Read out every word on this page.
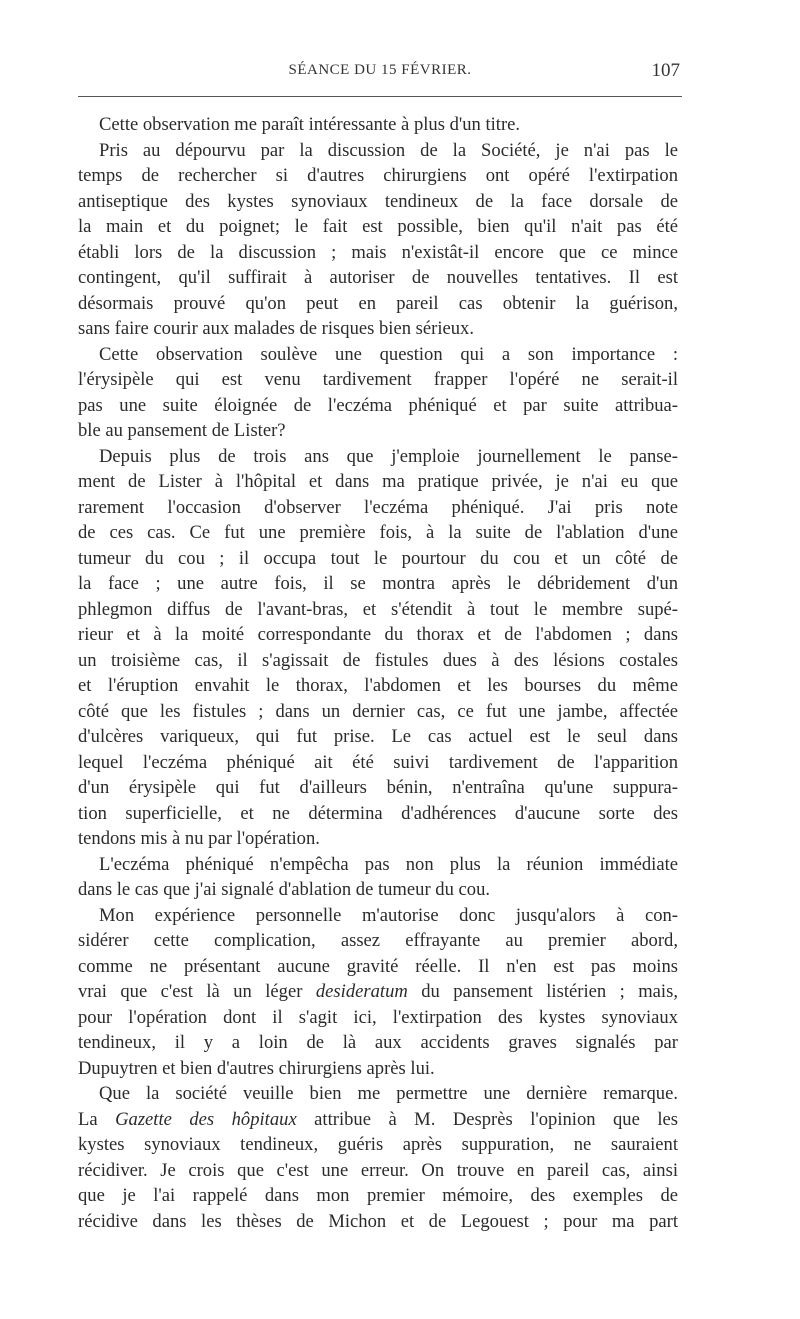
SÉANCE DU 15 FÉVRIER.	107
Cette observation me paraît intéressante à plus d'un titre.
Pris au dépourvu par la discussion de la Société, je n'ai pas le
temps de rechercher si d'autres chirurgiens ont opéré l'extirpation
antiseptique des kystes synoviaux tendineux de la face dorsale de
la main et du poignet; le fait est possible, bien qu'il n'ait pas été
établi lors de la discussion ; mais n'existât-il encore que ce mince
contingent, qu'il suffirait à autoriser de nouvelles tentatives. Il est
désormais prouvé qu'on peut en pareil cas obtenir la guérison,
sans faire courir aux malades de risques bien sérieux.
Cette observation soulève une question qui a son importance :
l'érysipèle qui est venu tardivement frapper l'opéré ne serait-il
pas une suite éloignée de l'eczéma phéniqué et par suite attribua-
ble au pansement de Lister?
Depuis plus de trois ans que j'emploie journellement le panse-
ment de Lister à l'hôpital et dans ma pratique privée, je n'ai eu que
rarement l'occasion d'observer l'eczéma phéniqué. J'ai pris note
de ces cas. Ce fut une première fois, à la suite de l'ablation d'une
tumeur du cou ; il occupa tout le pourtour du cou et un côté de
la face ; une autre fois, il se montra après le débridement d'un
phlegmon diffus de l'avant-bras, et s'étendit à tout le membre supé-
rieur et à la moité correspondante du thorax et de l'abdomen ; dans
un troisième cas, il s'agissait de fistules dues à des lésions costales
et l'éruption envahit le thorax, l'abdomen et les bourses du même
côté que les fistules ; dans un dernier cas, ce fut une jambe, affectée
d'ulcères variqueux, qui fut prise. Le cas actuel est le seul dans
lequel l'eczéma phéniqué ait été suivi tardivement de l'apparition
d'un érysipèle qui fut d'ailleurs bénin, n'entraîna qu'une suppura-
tion superficielle, et ne détermina d'adhérences d'aucune sorte des
tendons mis à nu par l'opération.
L'eczéma phéniqué n'empêcha pas non plus la réunion immédiate
dans le cas que j'ai signalé d'ablation de tumeur du cou.
Mon expérience personnelle m'autorise donc jusqu'alors à con-
sidérer cette complication, assez effrayante au premier abord,
comme ne présentant aucune gravité réelle. Il n'en est pas moins
vrai que c'est là un léger desideratum du pansement listérien ; mais,
pour l'opération dont il s'agit ici, l'extirpation des kystes synoviaux
tendineux, il y a loin de là aux accidents graves signalés par
Dupuytren et bien d'autres chirurgiens après lui.
Que la société veuille bien me permettre une dernière remarque.
La Gazette des hôpitaux attribue à M. Desprès l'opinion que les
kystes synoviaux tendineux, guéris après suppuration, ne sauraient
récidiver. Je crois que c'est une erreur. On trouve en pareil cas, ainsi
que je l'ai rappelé dans mon premier mémoire, des exemples de
récidive dans les thèses de Michon et de Legouest ; pour ma part
